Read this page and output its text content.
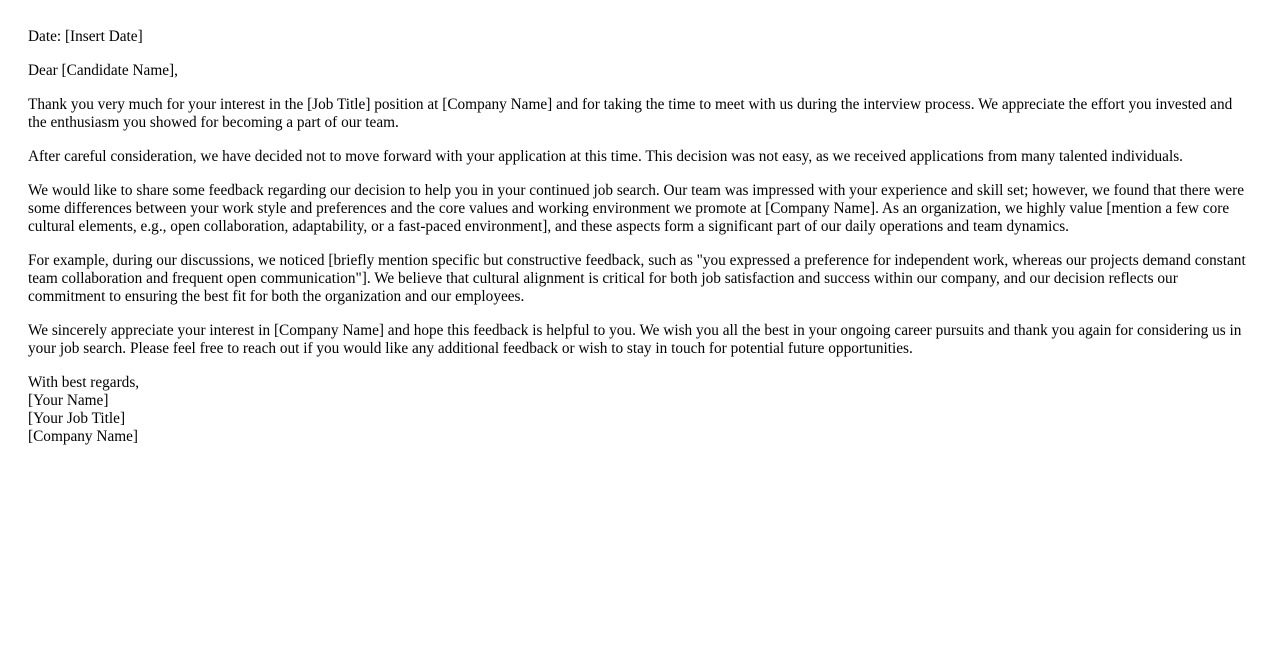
Date: [Insert Date]

Dear [Candidate Name],

Thank you very much for your interest in the [Job Title] position at [Company Name] and for taking the time to meet with us during the interview process. We appreciate the effort you invested and the enthusiasm you showed for becoming a part of our team.

After careful consideration, we have decided not to move forward with your application at this time. This decision was not easy, as we received applications from many talented individuals.

We would like to share some feedback regarding our decision to help you in your continued job search. Our team was impressed with your experience and skill set; however, we found that there were some differences between your work style and preferences and the core values and working environment we promote at [Company Name]. As an organization, we highly value [mention a few core cultural elements, e.g., open collaboration, adaptability, or a fast-paced environment], and these aspects form a significant part of our daily operations and team dynamics.

For example, during our discussions, we noticed [briefly mention specific but constructive feedback, such as "you expressed a preference for independent work, whereas our projects demand constant team collaboration and frequent open communication"]. We believe that cultural alignment is critical for both job satisfaction and success within our company, and our decision reflects our commitment to ensuring the best fit for both the organization and our employees.

We sincerely appreciate your interest in [Company Name] and hope this feedback is helpful to you. We wish you all the best in your ongoing career pursuits and thank you again for considering us in your job search. Please feel free to reach out if you would like any additional feedback or wish to stay in touch for potential future opportunities.

With best regards,
[Your Name]
[Your Job Title]
[Company Name]
